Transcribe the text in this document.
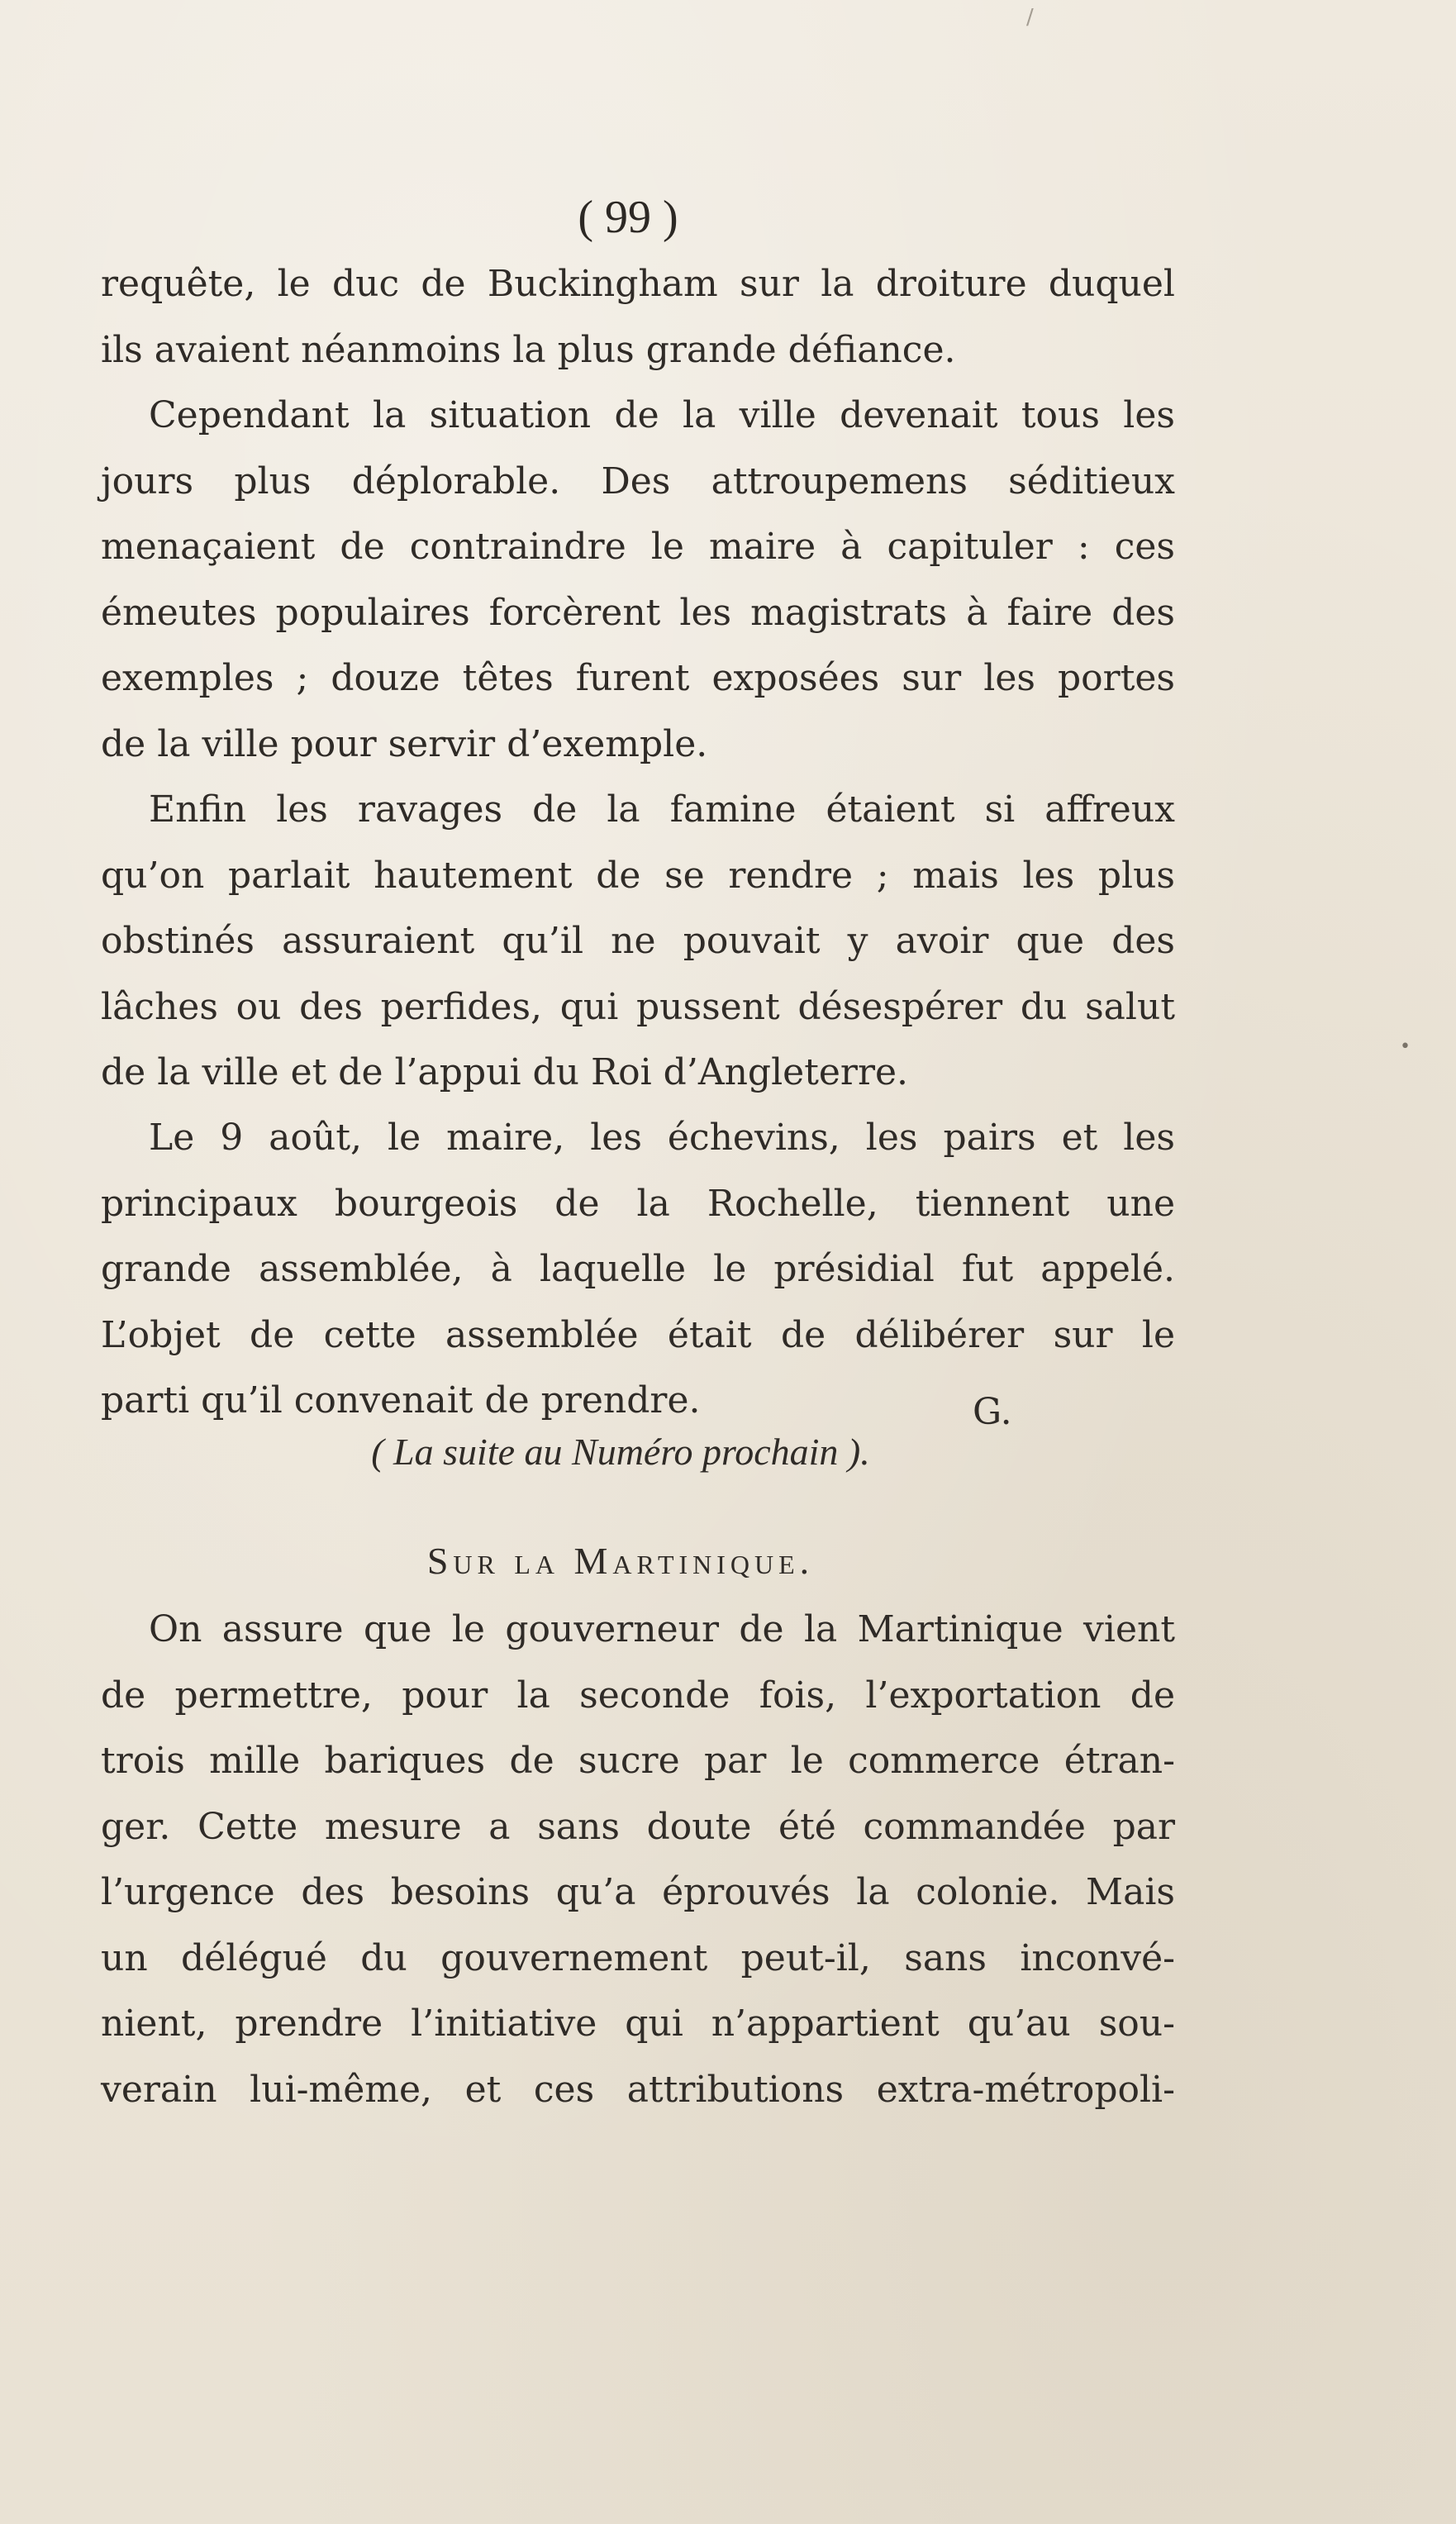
( 99 )
requête, le duc de Buckingham sur la droiture duquel
ils avaient néanmoins la plus grande défiance.
Cependant la situation de la ville devenait tous les
jours plus déplorable. Des attroupemens séditieux
menaçaient de contraindre le maire à capituler : ces
émeutes populaires forcèrent les magistrats à faire des
exemples ; douze têtes furent exposées sur les portes
de la ville pour servir d’exemple.
Enfin les ravages de la famine étaient si affreux
qu’on parlait hautement de se rendre ; mais les plus
obstinés assuraient qu’il ne pouvait y avoir que des
lâches ou des perfides, qui pussent désespérer du salut
de la ville et de l’appui du Roi d’Angleterre.
Le 9 août, le maire, les échevins, les pairs et les
principaux bourgeois de la Rochelle, tiennent une
grande assemblée, à laquelle le présidial fut appelé.
L’objet de cette assemblée était de délibérer sur le
parti qu’il convenait de prendre.	G.
( La suite au Numéro prochain ).
Sur la Martinique.
On assure que le gouverneur de la Martinique vient
de permettre, pour la seconde fois, l’exportation de
trois mille bariques de sucre par le commerce étran-
ger. Cette mesure a sans doute été commandée par
l’urgence des besoins qu’a éprouvés la colonie. Mais
un délégué du gouvernement peut-il, sans inconvé-
nient, prendre l’initiative qui n’appartient qu’au sou-
verain lui-même, et ces attributions extra-métropoli-
•
/
